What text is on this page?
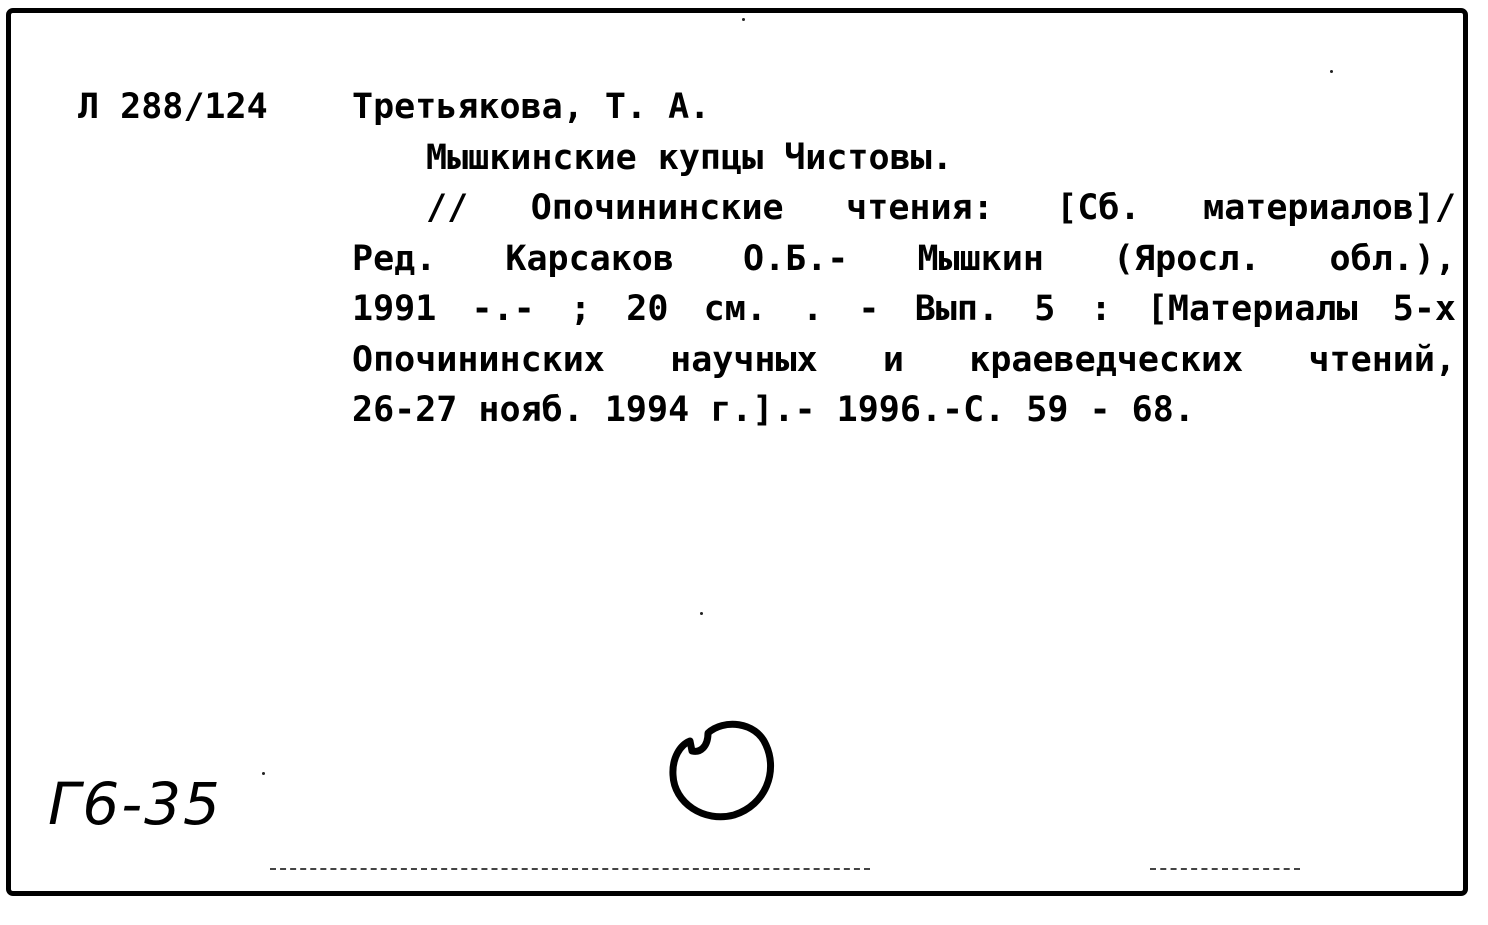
Л 288/124 Третьякова, Т. А.
Мышкинские купцы Чистовы.
// Опочининские чтения: [Сб. материалов]/
Ред. Карсаков О.Б.- Мышкин (Яросл. обл.),
1991 -.- ; 20 см. . - Вып. 5 : [Материалы 5-х
Опочининских научных и краеведческих чтений,
26-27 нояб. 1994 г.].- 1996.-С. 59 - 68.
Г6-35
